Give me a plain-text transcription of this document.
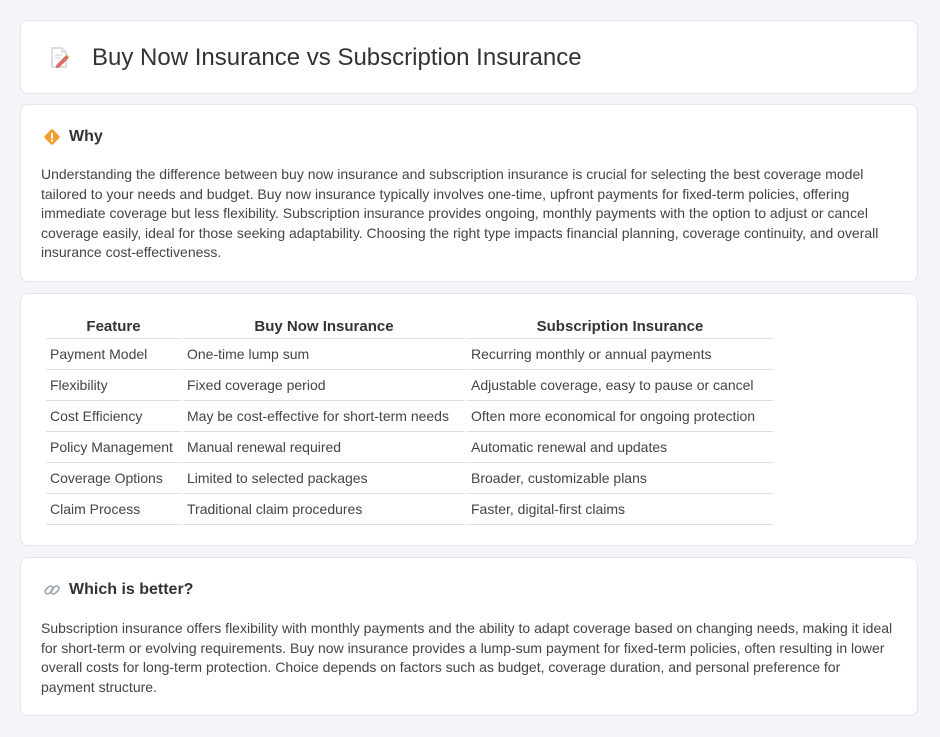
Buy Now Insurance vs Subscription Insurance
Why

Understanding the difference between buy now insurance and subscription insurance is crucial for selecting the best coverage model tailored to your needs and budget. Buy now insurance typically involves one-time, upfront payments for fixed-term policies, offering immediate coverage but less flexibility. Subscription insurance provides ongoing, monthly payments with the option to adjust or cancel coverage easily, ideal for those seeking adaptability. Choosing the right type impacts financial planning, coverage continuity, and overall insurance cost-effectiveness.

Feature	Buy Now Insurance	Subscription Insurance
Payment Model	One-time lump sum	Recurring monthly or annual payments
Flexibility	Fixed coverage period	Adjustable coverage, easy to pause or cancel
Cost Efficiency	May be cost-effective for short-term needs	Often more economical for ongoing protection
Policy Management	Manual renewal required	Automatic renewal and updates
Coverage Options	Limited to selected packages	Broader, customizable plans
Claim Process	Traditional claim procedures	Faster, digital-first claims
Which is better?

Subscription insurance offers flexibility with monthly payments and the ability to adapt coverage based on changing needs, making it ideal for short-term or evolving requirements. Buy now insurance provides a lump-sum payment for fixed-term policies, often resulting in lower overall costs for long-term protection. Choice depends on factors such as budget, coverage duration, and personal preference for payment structure.
